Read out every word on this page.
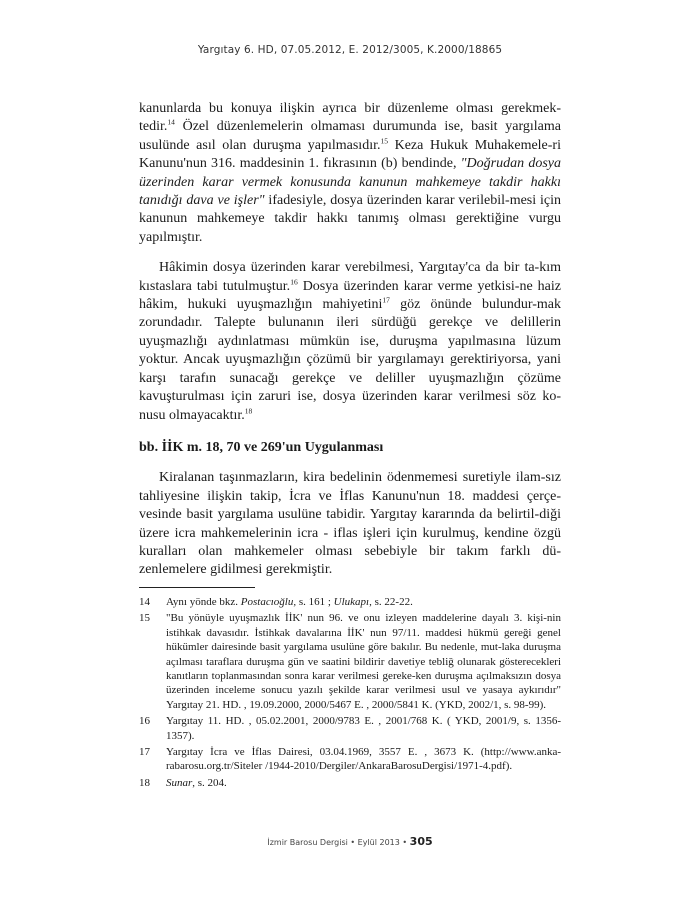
Yargıtay 6. HD, 07.05.2012, E. 2012/3005, K.2000/18865

kanunlarda bu konuya ilişkin ayrıca bir düzenleme olması gerekmek-tedir.$^{14}$ Özel düzenlemelerin olmaması durumunda ise, basit yargılama usulünde asıl olan duruşma yapılmasıdır.$^{15}$ Keza Hukuk Muhakemele-ri Kanunu'nun 316. maddesinin 1. fıkrasının (b) bendinde, "Doğrudan dosya üzerinden karar vermek konusunda kanunun mahkemeye takdir hakkı tanıdığı dava ve işler" ifadesiyle, dosya üzerinden karar verilebil-mesi için kanunun mahkemeye takdir hakkı tanımış olması gerektiğine vurgu yapılmıştır.

Hâkimin dosya üzerinden karar verebilmesi, Yargıtay'ca da bir ta-kım kıstaslara tabi tutulmuştur.$^{16}$ Dosya üzerinden karar verme yetkisi-ne haiz hâkim, hukuki uyuşmazlığın mahiyetini$^{17}$ göz önünde bulundur-mak zorundadır. Talepte bulunanın ileri sürdüğü gerekçe ve delillerin uyuşmazlığı aydınlatması mümkün ise, duruşma yapılmasına lüzum yoktur. Ancak uyuşmazlığın çözümü bir yargılamayı gerektiriyorsa, yani karşı tarafın sunacağı gerekçe ve deliller uyuşmazlığın çözüme kavuşturulması için zaruri ise, dosya üzerinden karar verilmesi söz ko-nusu olmayacaktır.$^{18}$

bb. İİK m. 18, 70 ve 269'un Uygulanması

Kiralanan taşınmazların, kira bedelinin ödenmemesi suretiyle ilam-sız tahliyesine ilişkin takip, İcra ve İflas Kanunu'nun 18. maddesi çerçe-vesinde basit yargılama usulüne tabidir. Yargıtay kararında da belirtil-diği üzere icra mahkemelerinin icra - iflas işleri için kurulmuş, kendine özgü kuralları olan mahkemeler olması sebebiyle bir takım farklı dü-zenlemelere gidilmesi gerekmiştir.

14	Aynı yönde bkz. Postacıoğlu, s. 161 ; Ulukapı, s. 22-22.
15	"Bu yönüyle uyuşmazlık İİK' nun 96. ve onu izleyen maddelerine dayalı 3. kişi-nin istihkak davasıdır. İstihkak davalarına İİK' nun 97/11. maddesi hükmü gereği genel hükümler dairesinde basit yargılama usulüne göre bakılır. Bu nedenle, mut-laka duruşma açılması taraflara duruşma gün ve saatini bildirir davetiye tebliğ olunarak gösterecekleri kanıtların toplanmasından sonra karar verilmesi gereke-ken duruşma açılmaksızın dosya üzerinden inceleme sonucu yazılı şekilde karar verilmesi usul ve yasaya aykırıdır" Yargıtay 21. HD. , 19.09.2000, 2000/5467 E. , 2000/5841 K. (YKD, 2002/1, s. 98-99).
16	Yargıtay 11. HD. , 05.02.2001, 2000/9783 E. , 2001/768 K. ( YKD, 2001/9, s. 1356-1357).
17	Yargıtay İcra ve İflas Dairesi, 03.04.1969, 3557 E. , 3673 K. (http://www.anka-rabarosu.org.tr/Siteler /1944-2010/Dergiler/AnkaraBarosuDergisi/1971-4.pdf).
18	Sunar, s. 204.
İzmir Barosu Dergisi • Eylül 2013 • 305
